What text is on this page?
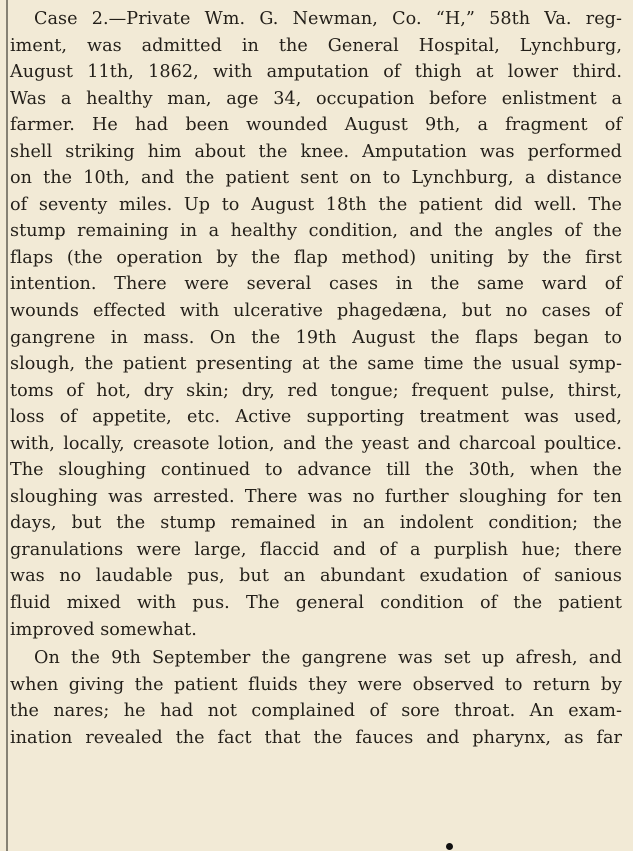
Case 2.—Private Wm. G. Newman, Co. “H,” 58th Va. reg-
iment, was admitted in the General Hospital, Lynchburg,
August 11th, 1862, with amputation of thigh at lower third.
Was a healthy man, age 34, occupation before enlistment a
farmer. He had been wounded August 9th, a fragment of
shell striking him about the knee. Amputation was performed
on the 10th, and the patient sent on to Lynchburg, a distance
of seventy miles. Up to August 18th the patient did well. The
stump remaining in a healthy condition, and the angles of the
flaps (the operation by the flap method) uniting by the first
intention. There were several cases in the same ward of
wounds effected with ulcerative phagedæna, but no cases of
gangrene in mass. On the 19th August the flaps began to
slough, the patient presenting at the same time the usual symp-
toms of hot, dry skin; dry, red tongue; frequent pulse, thirst,
loss of appetite, etc. Active supporting treatment was used,
with, locally, creasote lotion, and the yeast and charcoal poultice.
The sloughing continued to advance till the 30th, when the
sloughing was arrested. There was no further sloughing for ten
days, but the stump remained in an indolent condition; the
granulations were large, flaccid and of a purplish hue; there
was no laudable pus, but an abundant exudation of sanious
fluid mixed with pus. The general condition of the patient
improved somewhat.
On the 9th September the gangrene was set up afresh, and
when giving the patient fluids they were observed to return by
the nares; he had not complained of sore throat. An exam-
ination revealed the fact that the fauces and pharynx, as far
